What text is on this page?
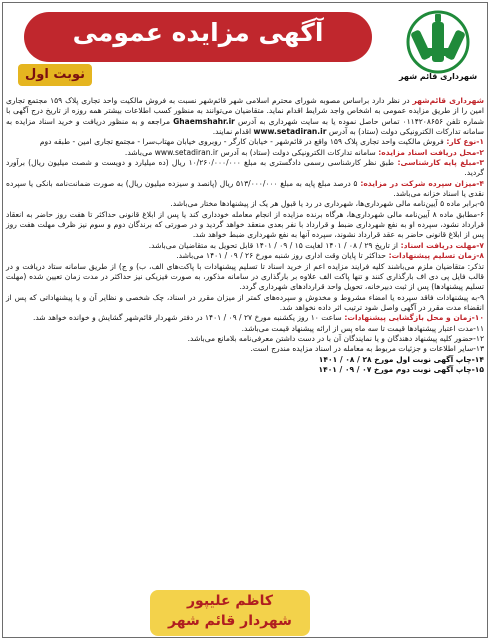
شهرداری قائم شهر
آگهی مزایده عمومی
نوبت اول

شهرداری قائم‌شهر در نظر دارد براساس مصوبه شورای محترم اسلامی شهر قائم‌شهر نسبت به فروش مالکیت واحد تجاری پلاک ۱۵۹ مجتمع تجاری امین را از طریق مزایده عمومی به اشخاص واجد شرایط اقدام نماید. متقاضیان می‌توانند به منظور کسب اطلاعات بیشتر همه روزه از تاریخ درج آگهی با شماره تلفن ۰۱۱۴۲۰۸۶۵۶ تماس حاصل نموده یا به سایت شهرداری به آدرس Ghaemshahr.ir مراجعه و به منظور دریافت و خرید اسناد مزایده به سامانه تدارکات الکترونیکی دولت (ستاد) به آدرس www.setadiran.ir اقدام نمایند.

۱-نوع کار: فروش مالکیت واحد تجاری پلاک ۱۵۹ واقع در قائم‌شهر - خیابان کارگر - روبروی خیابان مهتاب‌سرا - مجتمع تجاری امین - طبقه دوم

۲-محل دریافت اسناد مزایده: سامانه تدارکات الکترونیکی دولت (ستاد) به آدرس www.setadiran.ir می‌باشد.

۳-مبلغ پایه کارشناسی: طبق نظر کارشناسی رسمی دادگستری به مبلغ ۱۰/۲۶۰/۰۰۰/۰۰۰ ریال (ده میلیارد و دویست و شصت میلیون ریال) برآورد گردید.

۴-میزان سپرده شرکت در مزایده: ۵ درصد مبلغ پایه به مبلغ ۵۱۳/۰۰۰/۰۰۰ ریال (پانصد و سیزده میلیون ریال) به صورت ضمانت‌نامه بانکی یا سپرده نقدی یا اسناد خزانه می‌باشد.

۵-برابر ماده ۵ آیین‌نامه مالی شهرداری‌ها، شهرداری در رد یا قبول هر یک از پیشنهادها مختار می‌باشد.

۶-مطابق ماده ۸ آیین‌نامه مالی شهرداری‌ها، هرگاه برنده مزایده از انجام معامله خودداری کند یا پس از ابلاغ قانونی حداکثر تا هفت روز حاضر به انعقاد قرارداد نشود، سپرده او به نفع شهرداری ضبط و قرارداد با نفر بعدی منعقد خواهد گردید و در صورتی که برندگان دوم و سوم نیز ظرف مهلت هفت روز پس از ابلاغ قانونی حاضر به عقد قرارداد نشوند، سپرده آنها به نفع شهرداری ضبط خواهد شد.

۷-مهلت دریافت اسناد: از تاریخ ۲۹ / ۰۸ / ۱۴۰۱ لغایت ۱۵ / ۰۹ / ۱۴۰۱ قابل تحویل به متقاضیان می‌باشد.

۸-زمان تسلیم پیشنهادات: حداکثر تا پایان وقت اداری روز شنبه مورخ ۲۶ / ۰۹ / ۱۴۰۱ می‌باشد.

تذکر: متقاضیان ملزم می‌باشند کلیه فرایند مزایده اعم از خرید اسناد تا تسلیم پیشنهادات با پاکت‌های الف، ب) و ج) از طریق سامانه ستاد دریافت و در قالب فایل پی دی اف بارگذاری کنند و تنها پاکت الف علاوه بر بارگذاری در سامانه مذکور، به صورت فیزیکی نیز حداکثر در مدت زمان تعیین شده (مهلت تسلیم پیشنهادها) پس از ثبت دبیرخانه، تحویل واحد قراردادهای شهرداری گردد.

۹-به پیشنهادات فاقد سپرده یا امضاء مشروط و مخدوش و سپرده‌های کمتر از میزان مقرر در اسناد، چک شخصی و نظایر آن و یا پیشنهاداتی که پس از انقضاء مدت مقرر در آگهی واصل شود ترتیب اثر داده نخواهد شد.

۱۰-زمان و محل بازگشایی پیشنهادات: ساعت ۱۰ روز یکشنبه مورخ ۲۷ / ۰۹ / ۱۴۰۱ در دفتر شهردار قائم‌شهر گشایش و خوانده خواهد شد.

۱۱-مدت اعتبار پیشنهادها قیمت تا سه ماه پس از ارائه پیشنهاد قیمت می‌باشد.

۱۲-حضور کلیه پیشنهاد دهندگان و یا نمایندگان آن با در دست داشتن معرفی‌نامه بلامانع می‌باشد.

۱۳-سایر اطلاعات و جزئیات مربوط به معامله در اسناد مزایده مندرج است.

۱۴-چاپ آگهی نوبت اول مورخ ۲۸ / ۰۸ / ۱۴۰۱

۱۵-چاپ آگهی نوبت دوم مورخ ۰۷ / ۰۹ / ۱۴۰۱

کاظم علیپور
شهردار قائم شهر
